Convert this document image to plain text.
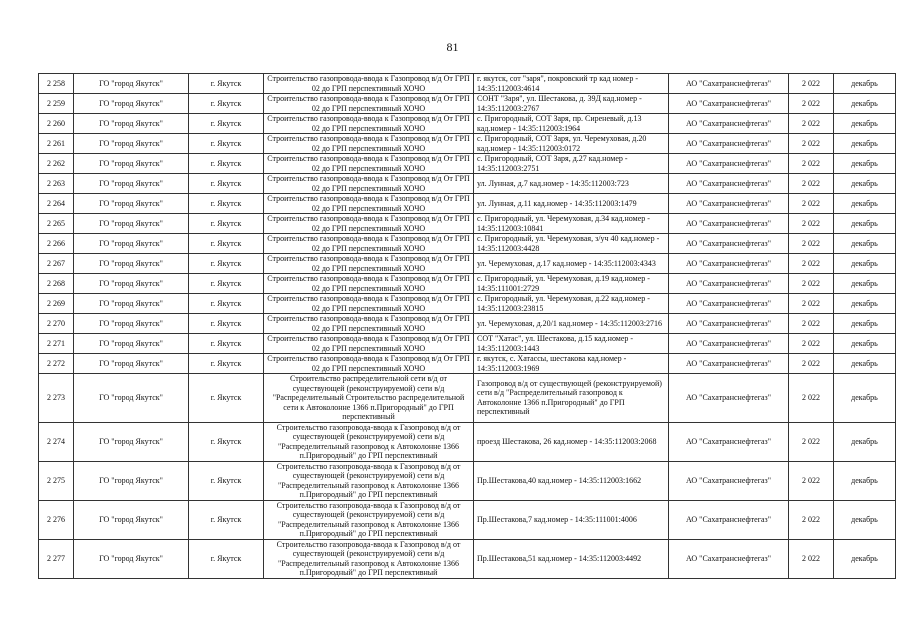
81
2 258	ГО "город Якутск"	г. Якутск	Строительство газопровода-ввода к Газопровод в/д От ГРП 02 до ГРП перспективный ХОЧО	г. якутск, сот "заря", покровский тр кад номер - 14:35:112003:4614	АО "Сахатранснефтегаз"	2 022	декабрь
2 259	ГО "город Якутск"	г. Якутск	Строительство газопровода-ввода к Газопровод в/д От ГРП 02 до ГРП перспективный ХОЧО	СОНТ "Заря", ул. Шестакова, д. 39Д кад.номер - 14:35:112003:2767	АО "Сахатранснефтегаз"	2 022	декабрь
2 260	ГО "город Якутск"	г. Якутск	Строительство газопровода-ввода к Газопровод в/д От ГРП 02 до ГРП перспективный ХОЧО	с. Пригородный, СОТ Заря, пр. Сиреневый, д.13 кад.номер - 14:35:112003:1964	АО "Сахатранснефтегаз"	2 022	декабрь
2 261	ГО "город Якутск"	г. Якутск	Строительство газопровода-ввода к Газопровод в/д От ГРП 02 до ГРП перспективный ХОЧО	с. Пригородный, СОТ Заря, ул. Черемуховая, д.20 кад.номер - 14:35:112003:0172	АО "Сахатранснефтегаз"	2 022	декабрь
2 262	ГО "город Якутск"	г. Якутск	Строительство газопровода-ввода к Газопровод в/д От ГРП 02 до ГРП перспективный ХОЧО	с. Пригородный, СОТ Заря, д.27 кад.номер - 14:35:112003:2751	АО "Сахатранснефтегаз"	2 022	декабрь
2 263	ГО "город Якутск"	г. Якутск	Строительство газопровода-ввода к Газопровод в/д От ГРП 02 до ГРП перспективный ХОЧО	ул. Лунная, д.7 кад.номер - 14:35:112003:723	АО "Сахатранснефтегаз"	2 022	декабрь
2 264	ГО "город Якутск"	г. Якутск	Строительство газопровода-ввода к Газопровод в/д От ГРП 02 до ГРП перспективный ХОЧО	ул. Лунная, д.11 кад.номер - 14:35:112003:1479	АО "Сахатранснефтегаз"	2 022	декабрь
2 265	ГО "город Якутск"	г. Якутск	Строительство газопровода-ввода к Газопровод в/д От ГРП 02 до ГРП перспективный ХОЧО	с. Пригородный, ул. Черемуховая, д.34 кад.номер - 14:35:112003:10841	АО "Сахатранснефтегаз"	2 022	декабрь
2 266	ГО "город Якутск"	г. Якутск	Строительство газопровода-ввода к Газопровод в/д От ГРП 02 до ГРП перспективный ХОЧО	с. Пригородный, ул. Черемуховая, з/уч 40 кад.номер - 14:35:112003:4428	АО "Сахатранснефтегаз"	2 022	декабрь
2 267	ГО "город Якутск"	г. Якутск	Строительство газопровода-ввода к Газопровод в/д От ГРП 02 до ГРП перспективный ХОЧО	ул. Черемуховая, д.17 кад.номер - 14:35:112003:4343	АО "Сахатранснефтегаз"	2 022	декабрь
2 268	ГО "город Якутск"	г. Якутск	Строительство газопровода-ввода к Газопровод в/д От ГРП 02 до ГРП перспективный ХОЧО	с. Пригородный, ул. Черемуховая, д.19 кад.номер - 14:35:111001:2729	АО "Сахатранснефтегаз"	2 022	декабрь
2 269	ГО "город Якутск"	г. Якутск	Строительство газопровода-ввода к Газопровод в/д От ГРП 02 до ГРП перспективный ХОЧО	с. Пригородный, ул. Черемуховая, д.22 кад.номер - 14:35:112003:23815	АО "Сахатранснефтегаз"	2 022	декабрь
2 270	ГО "город Якутск"	г. Якутск	Строительство газопровода-ввода к Газопровод в/д От ГРП 02 до ГРП перспективный ХОЧО	ул. Черемуховая, д.20/1 кад.номер - 14:35:112003:2716	АО "Сахатранснефтегаз"	2 022	декабрь
2 271	ГО "город Якутск"	г. Якутск	Строительство газопровода-ввода к Газопровод в/д От ГРП 02 до ГРП перспективный ХОЧО	СОТ "Хатас", ул. Шестакова, д.15 кад.номер - 14:35:112003:1443	АО "Сахатранснефтегаз"	2 022	декабрь
2 272	ГО "город Якутск"	г. Якутск	Строительство газопровода-ввода к Газопровод в/д От ГРП 02 до ГРП перспективный ХОЧО	г. якутск, с. Хатассы, шестакова кад.номер - 14:35:112003:1969	АО "Сахатранснефтегаз"	2 022	декабрь
2 273	ГО "город Якутск"	г. Якутск	Строительство распределительной сети в/д от существующей (реконструируемой) сети в/д "Распределительный Строительство распределительной сети к Автоколонне 1366 п.Пригородный" до ГРП перспективный	Газопровод в/д от существующей (реконструируемой) сети в/д "Распределительный газопровод к Автоколонне 1366 п.Пригородный" до ГРП перспективный	АО "Сахатранснефтегаз"	2 022	декабрь
2 274	ГО "город Якутск"	г. Якутск	Строительство газопровода-ввода к Газопровод в/д от существующей (реконструируемой) сети в/д "Распределительный газопровод к Автоколонне 1366 п.Пригородный" до ГРП перспективный	проезд Шестакова, 26 кад.номер - 14:35:112003:2068	АО "Сахатранснефтегаз"	2 022	декабрь
2 275	ГО "город Якутск"	г. Якутск	Строительство газопровода-ввода к Газопровод в/д от существующей (реконструируемой) сети в/д "Распределительный газопровод к Автоколонне 1366 п.Пригородный" до ГРП перспективный	Пр.Шестакова,40 кад.номер - 14:35:112003:1662	АО "Сахатранснефтегаз"	2 022	декабрь
2 276	ГО "город Якутск"	г. Якутск	Строительство газопровода-ввода к Газопровод в/д от существующей (реконструируемой) сети в/д "Распределительный газопровод к Автоколонне 1366 п.Пригородный" до ГРП перспективный	Пр.Шестакова,7 кад.номер - 14:35:111001:4006	АО "Сахатранснефтегаз"	2 022	декабрь
2 277	ГО "город Якутск"	г. Якутск	Строительство газопровода-ввода к Газопровод в/д от существующей (реконструируемой) сети в/д "Распределительный газопровод к Автоколонне 1366 п.Пригородный" до ГРП перспективный	Пр.Шестакова,51 кад.номер - 14:35:112003:4492	АО "Сахатранснефтегаз"	2 022	декабрь
